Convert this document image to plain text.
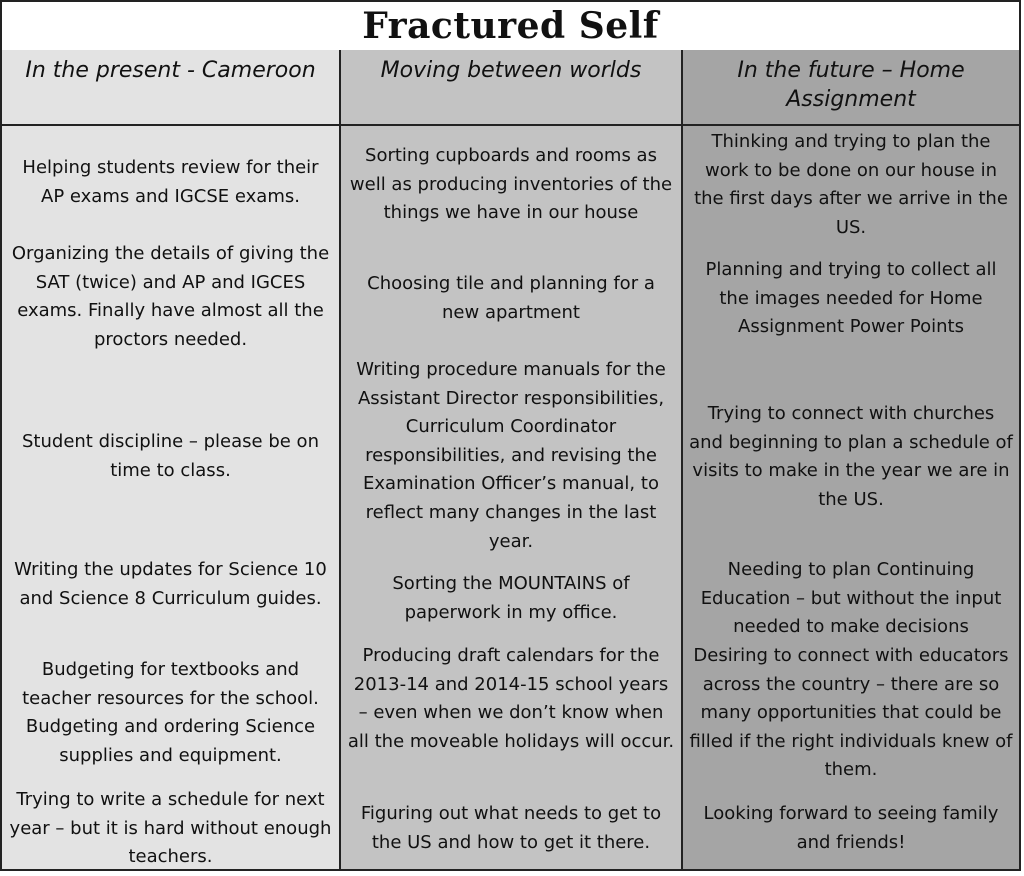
Fractured Self
In the present - Cameroon
Helping students review for their AP exams and IGCSE exams.
Organizing the details of giving the SAT (twice) and AP and IGCES exams. Finally have almost all the proctors needed.
Student discipline – please be on time to class.
Writing the updates for Science 10 and Science 8 Curriculum guides.
Budgeting for textbooks and teacher resources for the school. Budgeting and ordering Science supplies and equipment.
Trying to write a schedule for next year – but it is hard without enough teachers.
Moving between worlds
Sorting cupboards and rooms as well as producing inventories of the things we have in our house
Choosing tile and planning for a new apartment
Writing procedure manuals for the Assistant Director responsibilities, Curriculum Coordinator responsibilities, and revising the Examination Officer’s manual, to reflect many changes in the last year.
Sorting the MOUNTAINS of paperwork in my office.
Producing draft calendars for the 2013-14 and 2014-15 school years – even when we don’t know when all the moveable holidays will occur.
Figuring out what needs to get to the US and how to get it there.
In the future – Home Assignment
Thinking and trying to plan the work to be done on our house in the first days after we arrive in the US.
Planning and trying to collect all the images needed for Home Assignment Power Points
Trying to connect with churches and beginning to plan a schedule of visits to make in the year we are in the US.
Needing to plan Continuing Education – but without the input needed to make decisions
Desiring to connect with educators across the country – there are so many opportunities that could be filled if the right individuals knew of them.
Looking forward to seeing family and friends!
